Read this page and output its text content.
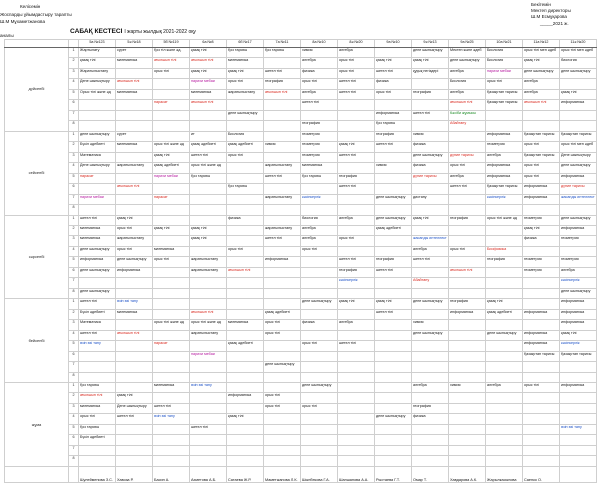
Келісемін
Жоспарды ұйымдастыру тарапты
Ш.М Мұхаметжанова
аналы
Бекітемін
Мектеп директоры
Ш.М Есмұқарова
_____2021 ж.
САБАҚ КЕСТЕСІ І жарты жылдық 2021-2022 оқу
		5а №123	5ә №18	5б №119	6а №8	6б №17	7а №11	8а №10	8ә №20	9а №10	9ә №13	9а №25	10а №21	11а №12	11ә №20
дүйсенбі	1	Жартылату	сурет	Қоз тіл және әд.	қазақ тілі	Қоз тарихы	Қоз тарихы	химия	алгебра		дене шынықтыру	Мектеп және әдеб	Биология	орыс тілі мен әдеб	орыс тілі мен әдеб
	2	қазақ тілі	математика	ағылшын тілі	ағылшын тілі	математика		алгебра	орыс тілі	қазақ тілі	қазақ тілі	дене шынықтыру	Биология	қазақ тілі	биология
	3	Жаратылыстану		орыс тілі	қазақ тілі	қазақ тілі	шетел тілі	физика	орыс тілі	шетел тілі	құқық негіздері	алгебра	нарихи мебаи	дене шынықтыру	дене шынықтыру
	4	Дене шынықтыру	ағылшын тілі		нарихи мебаи	орыс тілі	география	орыс тілі	шетел тілі	физика		Биология	орыс тілі	алгебра	
	5	Орыс тілі және әд	математика		математика	жаратылыстану	ағылшын тілі	алгебра	шетел тілі	орыс тілі	география	алгебра	Қазақстан тарихы	алгебра	қазақ тілі
	6			парасат	ағылшын тілі			шетел тілі				ағылшын тілі	Қазақстан тарихы	ағылшын тілі	информатика
	7					дене шынықтыру				информатика	шетел тілі	Кәсіби жұмысы			
	8							география		Қоз тарихы		Абайтану			
сейсенбі	1	дене шынықтыру	сурет		ит	Биология		геометрия		география	химия		информатика	Қазақстан тарихы	Қазақстан тарихы
	2	Бүкіл әдебиеті	математика	орыс тілі және әд	қазақ әдебиеті	қазақ әдебиеті	химия	геометрия	қазақ тілі	шетел тілі	физика		геометрия	орыс тілі	орыс тілі мен әдеб
	3	Математика		қазақ тілі	шетел тілі	орыс тілі		геометрия	шетел тілі		дене шынықтыру	дүние тарихы	алгебра	Қазақстан тарихы	Дене шынықтыру
	4	Дене шынықтыру	жаратылыстану	қазақ әдебиеті	орыс тілі және әд		жаратылыстану	математика		химия	физика	орыс тілі	информатика	орыс тілі	дене шынықтыру
	5	парасат		нарихи мебаи	Қоз тарихы		шетел тілі	Қоз тарихы	география		дүние тарихы	алгебра	информатика	орыс тілі	информатика
	6		ағылшын тілі			Қоз тарихы			шетел тілі			шетел тілі	Қазақстан тарихы	информатика	дүние тарихы
	7	нарихи мебаи		парасат			жаратылыстану	кәсіпкерлік		дене шынықтыру	дистану		кәсіпкерлік	информатика	жасанды интеллект
	8														
сәрсенбі	1	шетел тілі	қазақ тілі			физика		биология	алгебра	дене шынықтыру	қазақ тілі	география	орыс тілі және әд	геометрия	дене шынықтыру
	2	математика	орыс тілі	қазақ тілі	қазақ тілі		жаратылыстану	алгебра		қазақ әдебиеті				қазақ тілі	информатика
	3	математика	жаратылыстану		қазақ тілі		шетел тілі	алгебра	орыс тілі		жасанды интеллект			физика	геометрия
	4	дене шынықтыру	орыс тілі	математика		орыс тілі		орыс тілі			алгебра	орыс тілі	Биофизика		
	5	информатика	дене шынықтыру	орыс тілі	жаратылыстану		информатика		шетел тілі	география	шетел тілі		география	геометрия	геометрия
	6	дене шынықтыру	информатика		жаратылыстану	ағылшын тілі			география	шетел тілі		ағылшын тілі		геометрия	алгебра
	7								кәсіпкерлік		Абайтану				кәсіпкерлік
	8	дене шынықтыру													дене шынықтыру
бейсенбі	1	шетел тілі	өзін өзі тану					дене шынықтыру	қазақ тілі	қазақ тілі	дене шынықтыру	география	қазақ тілі		информатика
	2	Бүкіл әдебиеті	математика		ағылшын тілі		қазақ әдебиеті			шетел тілі		информатика	қазақ әдебиеті	информатика	информатика
	3	Математика		орыс тілі және әд	орыс тілі және әд	математика	орыс тілі	физика	алгебра		химия				информатика
	4	шетел тілі	ағылшын тілі		жаратылыстану		орыс тілі				дене шынықтыру		дене шынықтыру	информатика	қазақ тілі
	5	өзін өзі тану		парасат		қазақ әдебиеті		орыс тілі	шетел тілі					информатика	кәсіпкерлік
	6				нарихи мебаи									Қазақстан тарихы	Қазақстан тарихы
	7						дене шынықтыру								
	8														
жұма	1	Қоз тарихы		математика	өзін өзі тану			дене шынықтыру			алгебра	химия	алгебра	орыс тілі	информатика
	2	ағылшын тілі	қазақ тілі			информатика	орыс тілі								
	3	математика	Дене шынықтыру	шетел тілі			орыс тілі	орыс тілі			география				
	4	орыс тілі	шетел тілі	өзін өзі тану		қазақ тілі				дене шынықтыру	физика				
	5	Қоз тарихы			шетел тілі										өзін өзі тану
	6	Бүкіл әдебиеті													
	7														
	8														
		Шулейменова З.С.	Хавоза Р.	Басин А.	Ахметова А.Б.	Сатаева Ж.Р.	Маметжанова Л.К.	Шынбекова Г.А.	Шаншанова А.А.	Рыстаева Г.Т.	Омар Т.	Хавдарова А.К.	Жарылкасынова	Саенко О.	
